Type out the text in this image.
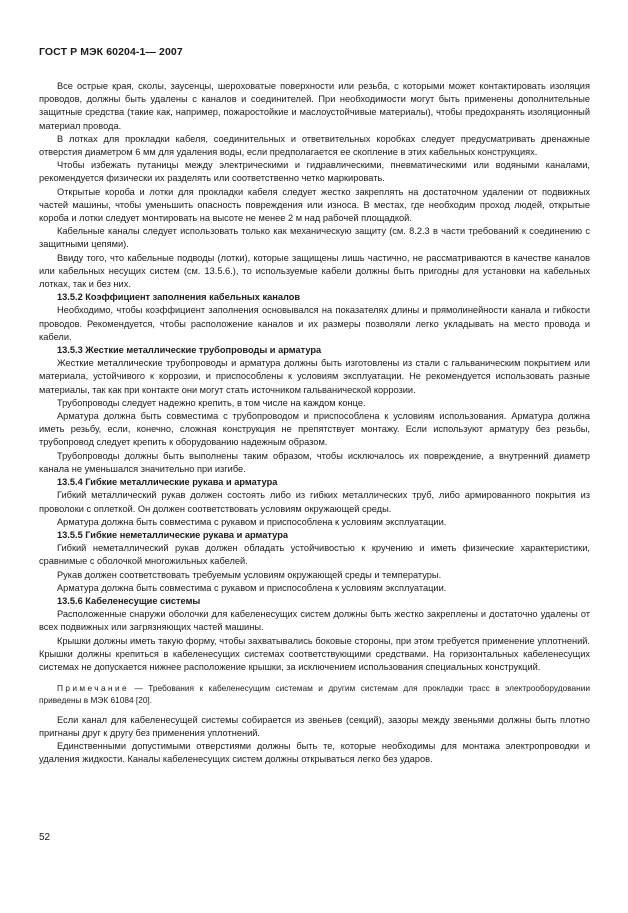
ГОСТ Р МЭК 60204-1— 2007

Все острые края, сколы, заусенцы, шероховатые поверхности или резьба, с которыми может контактировать изоляция проводов, должны быть удалены с каналов и соединителей. При необходимости могут быть применены дополнительные защитные средства (такие как, например, пожаростойкие и маслоустойчивые материалы), чтобы предохранять изоляционный материал провода.

В лотках для прокладки кабеля, соединительных и ответвительных коробках следует предусматривать дренажные отверстия диаметром 6 мм для удаления воды, если предполагается ее скопление в этих кабельных конструкциях.

Чтобы избежать путаницы между электрическими и гидравлическими, пневматическими или водяными каналами, рекомендуется физически их разделять или соответственно четко маркировать.

Открытые короба и лотки для прокладки кабеля следует жестко закреплять на достаточном удалении от подвижных частей машины, чтобы уменьшить опасность повреждения или износа. В местах, где необходим проход людей, открытые короба и лотки следует монтировать на высоте не менее 2 м над рабочей площадкой.

Кабельные каналы следует использовать только как механическую защиту (см. 8.2.3 в части требований к соединению с защитными цепями).

Ввиду того, что кабельные подводы (лотки), которые защищены лишь частично, не рассматриваются в качестве каналов или кабельных несущих систем (см. 13.5.6.), то используемые кабели должны быть пригодны для установки на кабельных лотках, так и без них.

13.5.2 Коэффициент заполнения кабельных каналов

Необходимо, чтобы коэффициент заполнения основывался на показателях длины и прямолинейности канала и гибкости проводов. Рекомендуется, чтобы расположение каналов и их размеры позволяли легко укладывать на место провода и кабели.

13.5.3 Жесткие металлические трубопроводы и арматура

Жесткие металлические трубопроводы и арматура должны быть изготовлены из стали с гальваническим покрытием или материала, устойчивого к коррозии, и приспособлены к условиям эксплуатации. Не рекомендуется использовать разные материалы, так как при контакте они могут стать источником гальванической коррозии.

Трубопроводы следует надежно крепить, в том числе на каждом конце.

Арматура должна быть совместима с трубопроводом и приспособлена к условиям использования. Арматура должна иметь резьбу, если, конечно, сложная конструкция не препятствует монтажу. Если используют арматуру без резьбы, трубопровод следует крепить к оборудованию надежным образом.

Трубопроводы должны быть выполнены таким образом, чтобы исключалось их повреждение, а внутренний диаметр канала не уменьшался значительно при изгибе.

13.5.4 Гибкие металлические рукава и арматура

Гибкий металлический рукав должен состоять либо из гибких металлических труб, либо армированного покрытия из проволоки с оплеткой. Он должен соответствовать условиям окружающей среды.

Арматура должна быть совместима с рукавом и приспособлена к условиям эксплуатации.

13.5.5 Гибкие неметаллические рукава и арматура

Гибкий неметаллический рукав должен обладать устойчивостью к кручению и иметь физические характеристики, сравнимые с оболочкой многожильных кабелей.

Рукав должен соответствовать требуемым условиям окружающей среды и температуры.

Арматура должна быть совместима с рукавом и приспособлена к условиям эксплуатации.

13.5.6 Кабеленесущие системы

Расположенные снаружи оболочки для кабеленесущих систем должны быть жестко закреплены и достаточно удалены от всех подвижных или загрязняющих частей машины.

Крышки должны иметь такую форму, чтобы захватывались боковые стороны, при этом требуется применение уплотнений. Крышки должны крепиться в кабеленесущих системах соответствующими средствами. На горизонтальных кабеленесущих системах не допускается нижнее расположение крышки, за исключением использования специальных конструкций.

Примечание — Требования к кабеленесущим системам и другим системам для прокладки трасс в электрооборудовании приведены в МЭК 61084 [20].

Если канал для кабеленесущей системы собирается из звеньев (секций), зазоры между звеньями должны быть плотно пригнаны друг к другу без применения уплотнений.

Единственными допустимыми отверстиями должны быть те, которые необходимы для монтажа электропроводки и удаления жидкости. Каналы кабеленесущих систем должны открываться легко без ударов.

52
